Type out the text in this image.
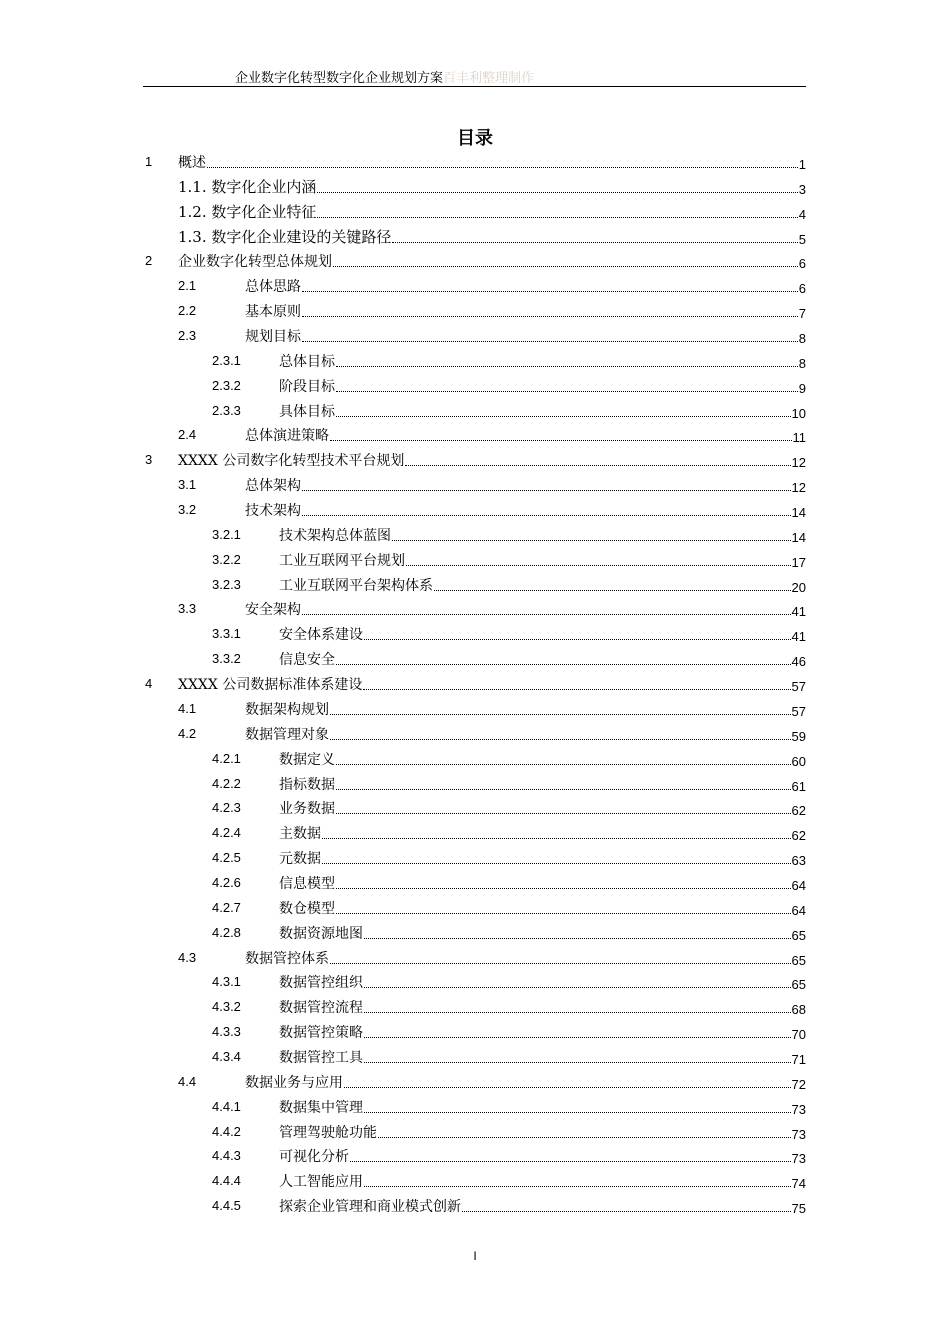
企业数字化转型数字化企业规划方案百丰利整理制作
目录
1 概述	1
1.1. 数字化企业内涵	3
1.2. 数字化企业特征	4
1.3. 数字化企业建设的关键路径	5
2 企业数字化转型总体规划	6
2.1	总体思路	6
2.2	基本原则	7
2.3	规划目标	8
2.3.1	总体目标	8
2.3.2	阶段目标	9
2.3.3	具体目标	10
2.4	总体演进策略	11
3 XXXX 公司数字化转型技术平台规划	12
3.1	总体架构	12
3.2	技术架构	14
3.2.1	技术架构总体蓝图	14
3.2.2	工业互联网平台规划	17
3.2.3	工业互联网平台架构体系	20
3.3	安全架构	41
3.3.1	安全体系建设	41
3.3.2	信息安全	46
4 XXXX 公司数据标准体系建设	57
4.1	数据架构规划	57
4.2	数据管理对象	59
4.2.1	数据定义	60
4.2.2	指标数据	61
4.2.3	业务数据	62
4.2.4	主数据	62
4.2.5	元数据	63
4.2.6	信息模型	64
4.2.7	数仓模型	64
4.2.8	数据资源地图	65
4.3	数据管控体系	65
4.3.1	数据管控组织	65
4.3.2	数据管控流程	68
4.3.3	数据管控策略	70
4.3.4	数据管控工具	71
4.4	数据业务与应用	72
4.4.1	数据集中管理	73
4.4.2	管理驾驶舱功能	73
4.4.3	可视化分析	73
4.4.4	人工智能应用	74
4.4.5	探索企业管理和商业模式创新	75
I
